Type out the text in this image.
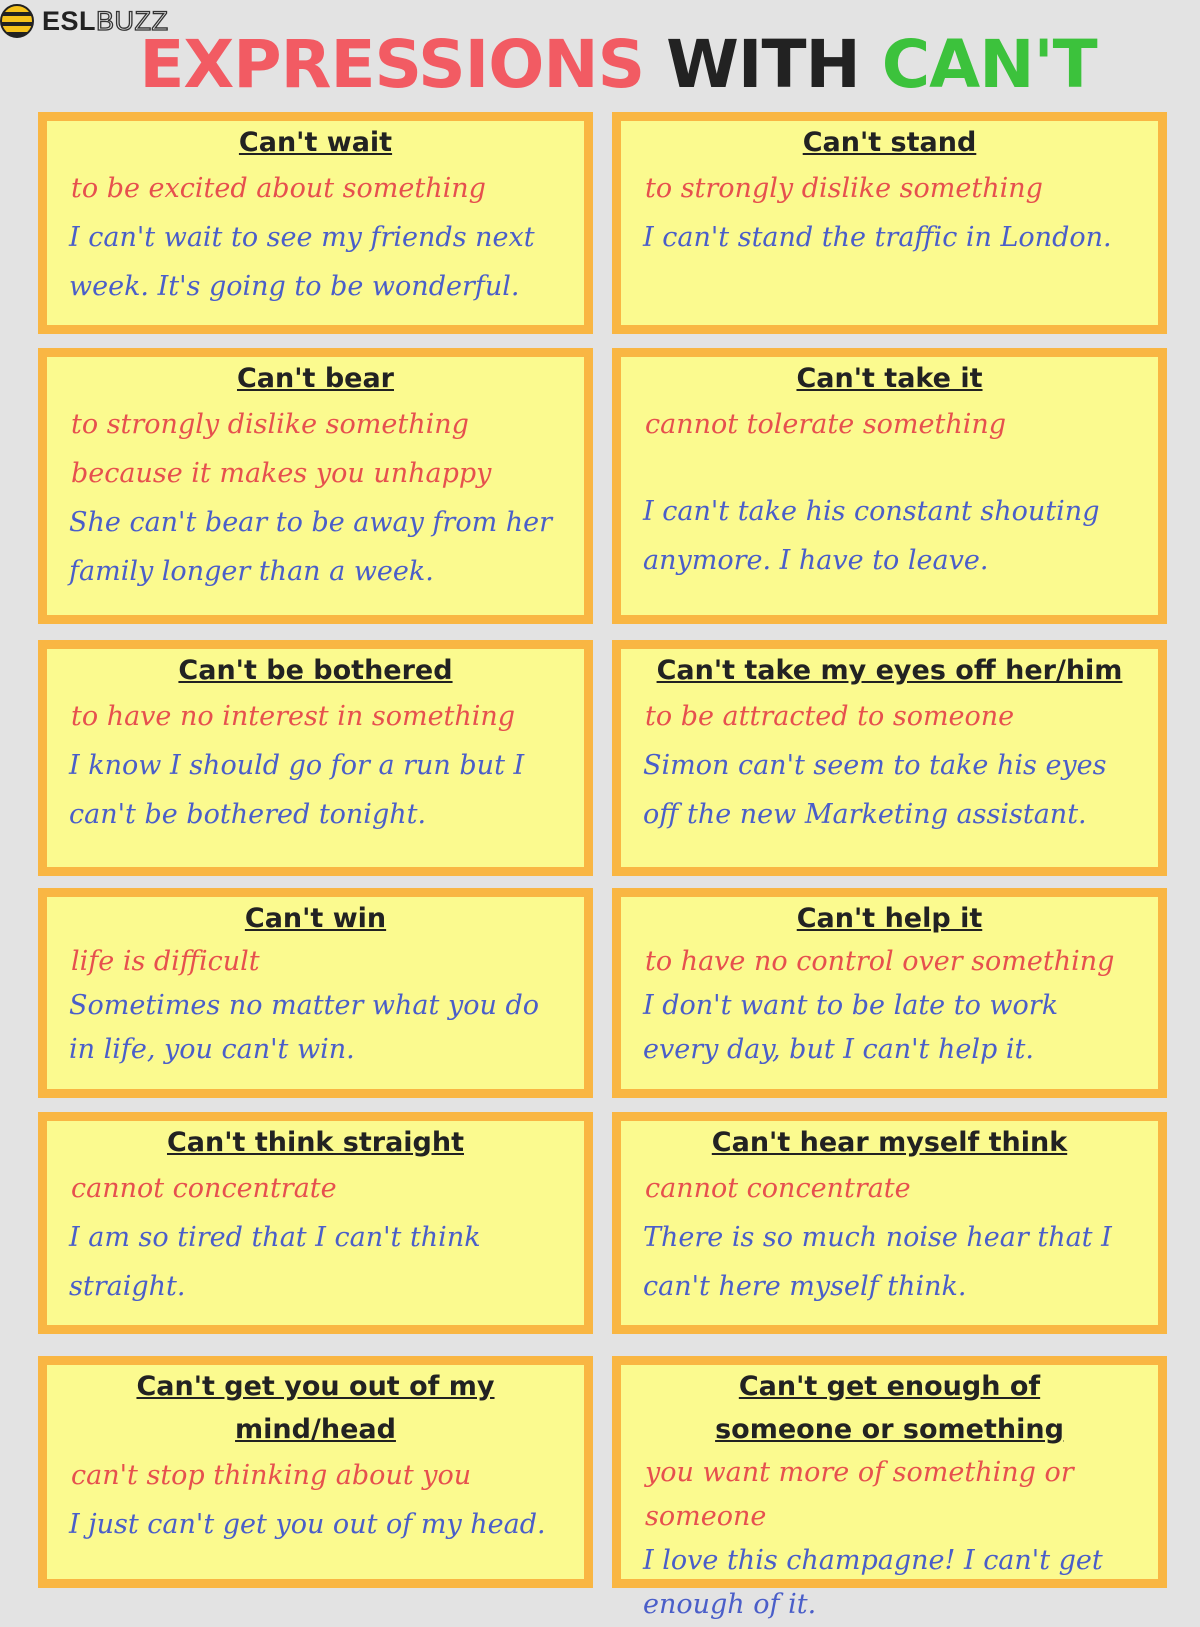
ESLBUZZ
EXPRESSIONS WITH CAN'T
Can't wait
to be excited about something
I can't wait to see my friends next week. It's going to be wonderful.
Can't stand
to strongly dislike something
I can't stand the traffic in London.
Can't bear
to strongly dislike something because it makes you unhappy
She can't bear to be away from her family longer than a week.
Can't take it
cannot tolerate something
I can't take his constant shouting anymore. I have to leave.
Can't be bothered
to have no interest in something
I know I should go for a run but I can't be bothered tonight.
Can't take my eyes off her/him
to be attracted to someone
Simon can't seem to take his eyes off the new Marketing assistant.
Can't win
life is difficult
Sometimes no matter what you do in life, you can't win.
Can't help it
to have no control over something
I don't want to be late to work every day, but I can't help it.
Can't think straight
cannot concentrate
I am so tired that I can't think straight.
Can't hear myself think
cannot concentrate
There is so much noise hear that I can't here myself think.
Can't get you out of my mind/head
can't stop thinking about you
I just can't get you out of my head.
Can't get enough of someone or something
you want more of something or someone
I love this champagne! I can't get enough of it.
